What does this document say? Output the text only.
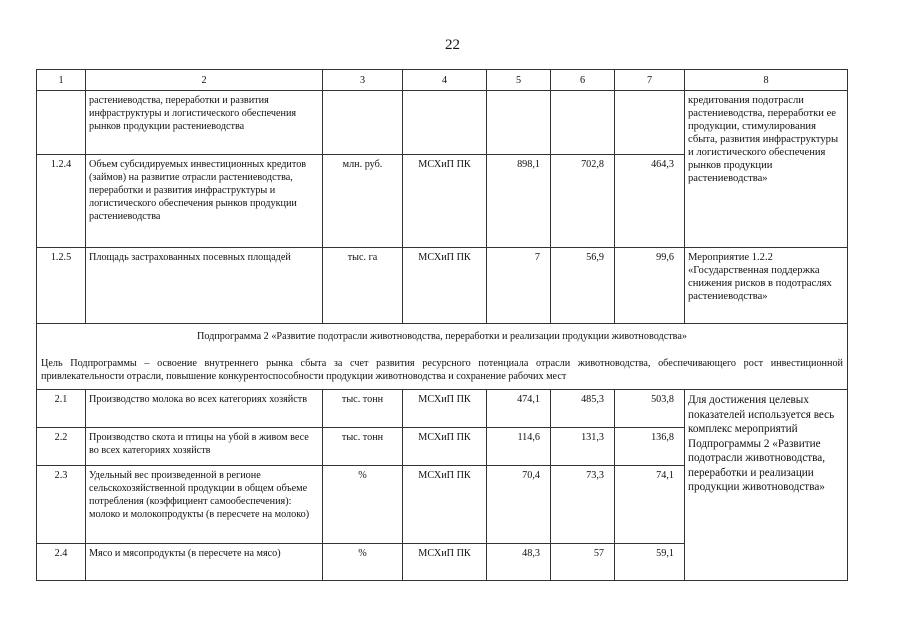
22
1	2	3	4	5	6	7	8
	растениеводства, переработки и развития инфраструктуры и логистического обеспечения рынков продукции растениеводства						кредитования подотрасли растениеводства, переработки ее продукции, стимулирования сбыта, развития инфраструктуры и логистического обеспечения рынков продукции растениеводства»
1.2.4	Объем субсидируемых инвестиционных кредитов (займов) на развитие отрасли растениеводства, переработки и развития инфраструктуры и логистического обеспечения рынков продукции растениеводства	млн. руб.	МСХиП ПК	898,1	702,8	464,3	
1.2.5	Площадь застрахованных посевных площадей	тыс. га	МСХиП ПК	7	56,9	99,6	Мероприятие 1.2.2 «Государственная поддержка снижения рисков в подотраслях растениеводства»

Подпрограмма 2 «Развитие подотрасли животноводства, переработки и реализации продукции животноводства»
Цель Подпрограммы – освоение внутреннего рынка сбыта за счет развития ресурсного потенциала отрасли животноводства, обеспечивающего рост инвестиционной привлекательности отрасли, повышение конкурентоспособности продукции животноводства и сохранение рабочих мест							

2.1	Производство молока во всех категориях хозяйств	тыс. тонн	МСХиП ПК	474,1	485,3	503,8	Для достижения целевых показателей используется весь комплекс мероприятий Подпрограммы 2 «Развитие подотрасли животноводства, переработки и реализации продукции животноводства»
2.2	Производство скота и птицы на убой в живом весе во всех категориях хозяйств	тыс. тонн	МСХиП ПК	114,6	131,3	136,8	
2.3	Удельный вес произведенной в регионе сельскохозяйственной продукции в общем объеме потребления (коэффициент самообеспечения): молоко и молокопродукты (в пересчете на молоко)	%	МСХиП ПК	70,4	73,3	74,1	
2.4	Мясо и мясопродукты (в пересчете на мясо)	%	МСХиП ПК	48,3	57	59,1	
